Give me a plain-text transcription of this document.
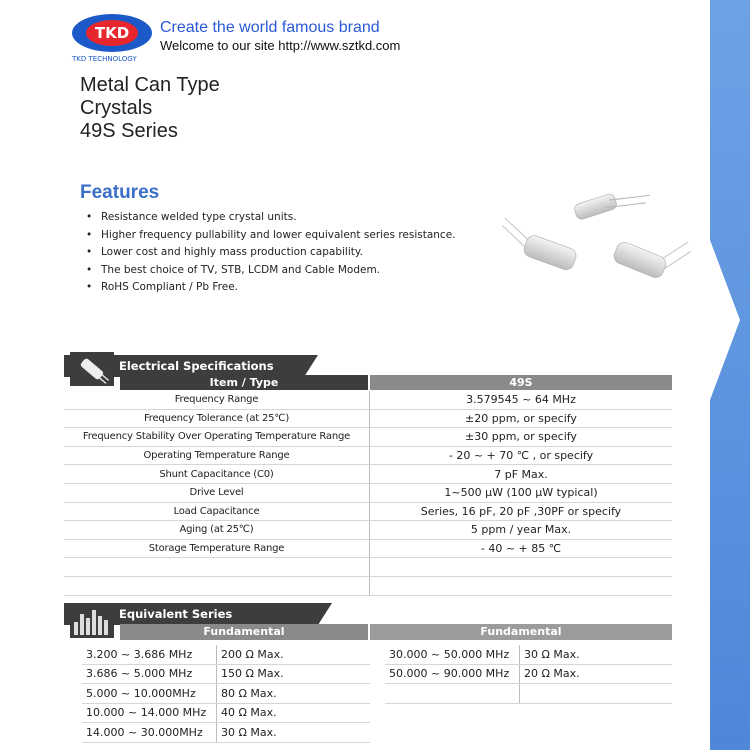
TKD
TKD TECHNOLOGY
Create the world famous brand
Welcome to our site http://www.sztkd.com
Metal Can Type
Crystals
49S Series
Features
• Resistance welded type crystal units.
• Higher frequency pullability and lower equivalent series resistance.
• Lower cost and highly mass production capability.
• The best choice of TV, STB, LCDM and Cable Modem.
• RoHS Compliant / Pb Free.
Electrical Specifications
Item / Type	49S
Frequency Range	3.579545 ~ 64 MHz
Frequency Tolerance (at 25℃)	±20 ppm, or specify
Frequency Stability Over Operating Temperature Range	±30 ppm, or specify
Operating Temperature Range	- 20 ~ + 70 ℃ , or specify
Shunt Capacitance (C0)	7 pF Max.
Drive Level	1~500 μW (100 μW typical)
Load Capacitance	Series, 16 pF, 20 pF ,30PF or specify
Aging (at 25℃)	5 ppm / year Max.
Storage Temperature Range	- 40 ~ + 85 ℃

Equivalent Series
Fundamental	Fundamental
3.200 ~ 3.686 MHz	200 Ω Max.
3.686 ~ 5.000 MHz	150 Ω Max.
5.000 ~ 10.000MHz	80 Ω Max.
10.000 ~ 14.000 MHz	40 Ω Max.
14.000 ~ 30.000MHz	30 Ω Max.
30.000 ~ 50.000 MHz	30 Ω Max.
50.000 ~ 90.000 MHz	20 Ω Max.
